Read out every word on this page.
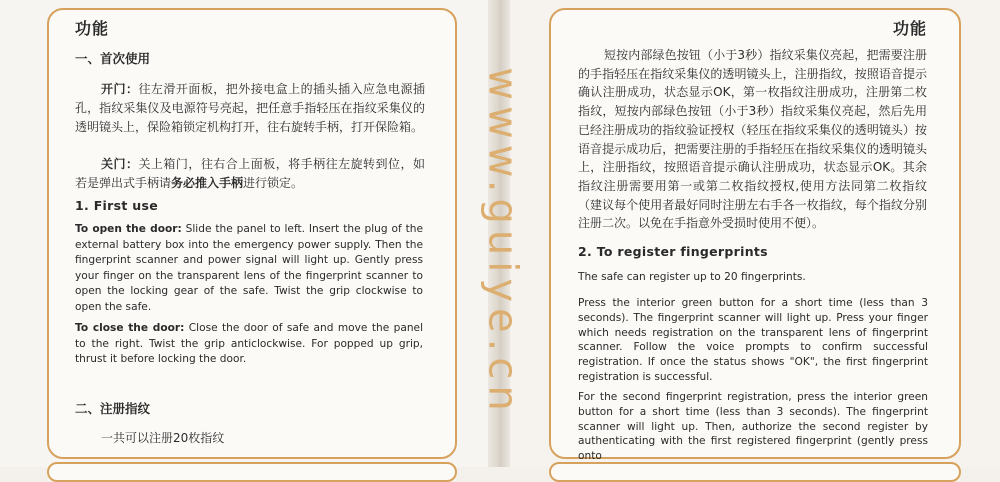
功能
一、首次使用

开门：往左滑开面板，把外接电盒上的插头插入应急电源插孔，指纹采集仪及电源符号亮起，把任意手指轻压在指纹采集仪的透明镜头上，保险箱锁定机构打开，往右旋转手柄，打开保险箱。

关门：关上箱门，往右合上面板，将手柄往左旋转到位，如若是弹出式手柄请务必推入手柄进行锁定。

1. First use

To open the door: Slide the panel to left. Insert the plug of the external battery box into the emergency power supply. Then the fingerprint scanner and power signal will light up. Gently press your finger on the transparent lens of the fingerprint scanner to open the locking gear of the safe. Twist the grip clockwise to open the safe.

To close the door: Close the door of safe and move the panel to the right. Twist the grip anticlockwise. For popped up grip, thrust it before locking the door.

二、注册指纹

一共可以注册20枚指纹

www.guiye.cn
功能

短按内部绿色按钮（小于3秒）指纹采集仪亮起，把需要注册的手指轻压在指纹采集仪的透明镜头上，注册指纹，按照语音提示确认注册成功，状态显示OK，第一枚指纹注册成功，注册第二枚指纹，短按内部绿色按钮（小于3秒）指纹采集仪亮起，然后先用已经注册成功的指纹验证授权（轻压在指纹采集仪的透明镜头）按语音提示成功后，把需要注册的手指轻压在指纹采集仪的透明镜头上，注册指纹，按照语音提示确认注册成功，状态显示OK。其余指纹注册需要用第一或第二枚指纹授权,使用方法同第二枚指纹（建议每个使用者最好同时注册左右手各一枚指纹，每个指纹分别注册二次。以免在手指意外受损时使用不便）。

2. To register fingerprints

The safe can register up to 20 fingerprints.

Press the interior green button for a short time (less than 3 seconds). The fingerprint scanner will light up. Press your finger which needs registration on the transparent lens of fingerprint scanner. Follow the voice prompts to confirm successful registration. If once the status shows "OK", the first fingerprint registration is successful.

For the second fingerprint registration, press the interior green button for a short time (less than 3 seconds). The fingerprint scanner will light up. Then, authorize the second register by authenticating with the first registered fingerprint (gently press onto
